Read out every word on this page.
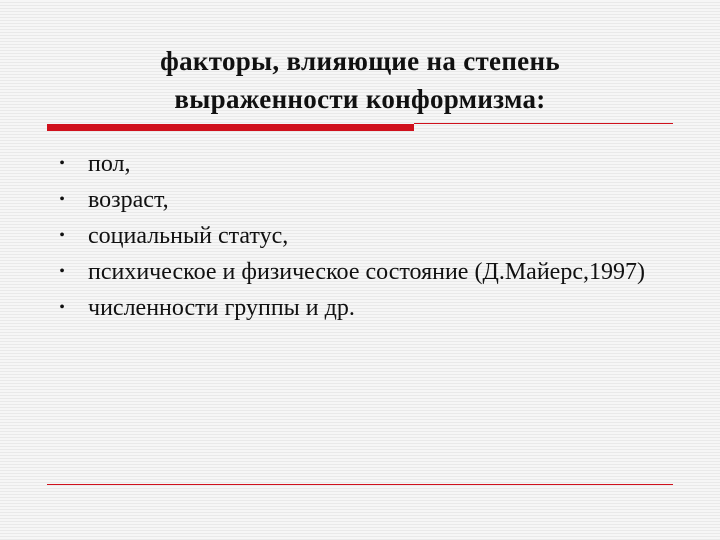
факторы, влияющие на степень
выраженности конформизма:
• пол,
• возраст,
• социальный статус,
• психическое и физическое состояние (Д.Майерс,1997)
• численности группы и др.
